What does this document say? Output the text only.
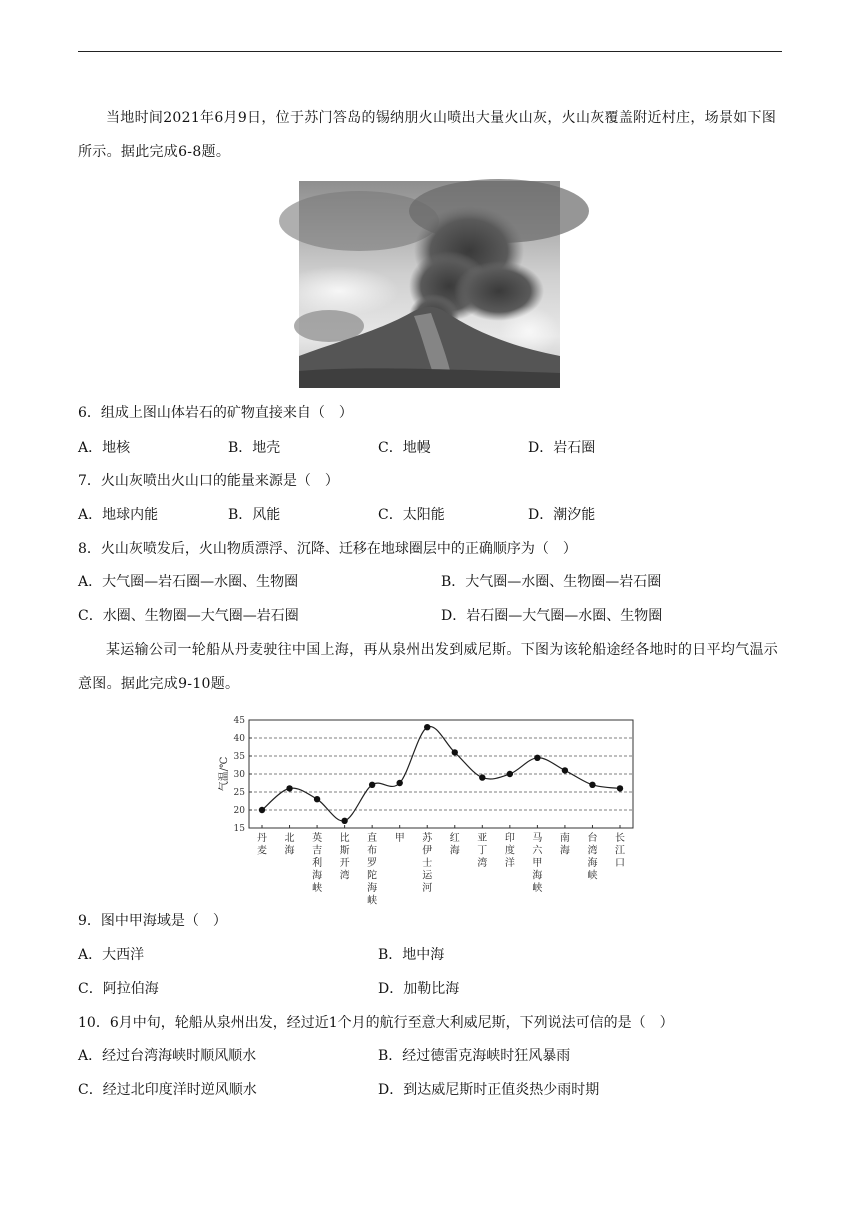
当地时间2021年6月9日，位于苏门答岛的锡纳朋火山喷出大量火山灰，火山灰覆盖附近村庄，场景如下图所示。据此完成6-8题。

6．组成上图山体岩石的矿物直接来自（　）
A．地核	B．地壳	C．地幔	D．岩石圈
7．火山灰喷出火山口的能量来源是（　）
A．地球内能	B．风能	C．太阳能	D．潮汐能
8．火山灰喷发后，火山物质漂浮、沉降、迁移在地球圈层中的正确顺序为（　）
A．大气圈—岩石圈—水圈、生物圈	B．大气圈—水圈、生物圈—岩石圈
C．水圈、生物圈—大气圈—岩石圈	D．岩石圈—大气圈—水圈、生物圈

某运输公司一轮船从丹麦驶往中国上海，再从泉州出发到威尼斯。下图为该轮船途经各地时的日平均气温示意图。据此完成9-10题。

15
20
25
30
35
40
45
气温/℃
丹麦
北海
英吉利海峡
比斯开湾
直布罗陀海峡
甲 苏伊士运河
红海
亚丁湾
印度洋
马六甲海峡
南海
台湾海峡
长江口
9．图中甲海域是（　）
A．大西洋	B．地中海
C．阿拉伯海	D．加勒比海
10．6月中旬，轮船从泉州出发，经过近1个月的航行至意大利威尼斯，下列说法可信的是（　）
A．经过台湾海峡时顺风顺水	B．经过德雷克海峡时狂风暴雨
C．经过北印度洋时逆风顺水	D．到达威尼斯时正值炎热少雨时期
